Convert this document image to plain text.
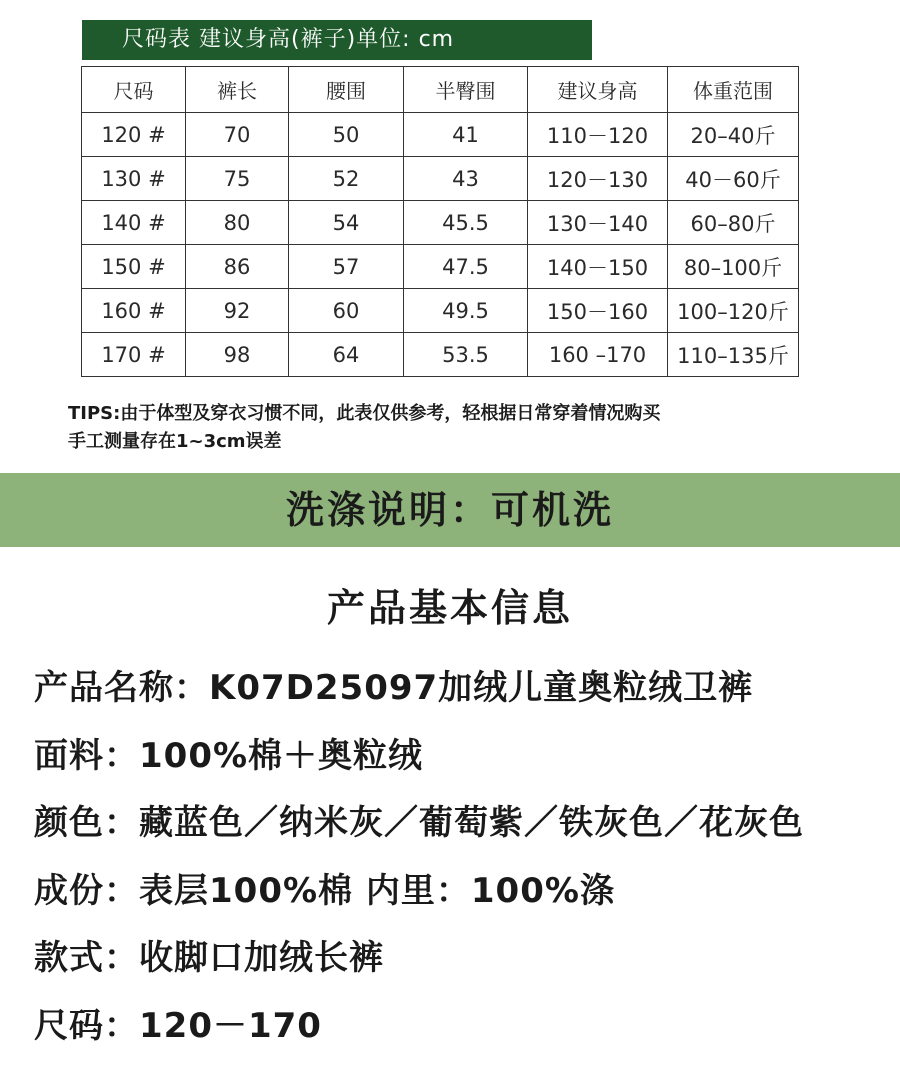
尺码表 建议身高(裤子)单位: cm
尺码	裤长	腰围	半臀围	建议身高	体重范围
120 #	70	50	41	110－120	20–40斤
130 #	75	52	43	120－130	40－60斤
140 #	80	54	45.5	130－140	60–80斤
150 #	86	57	47.5	140－150	80–100斤
160 #	92	60	49.5	150－160	100–120斤
170 #	98	64	53.5	160 –170	110–135斤
TIPS:由于体型及穿衣习惯不同，此表仅供参考，轻根据日常穿着情况购买
手工测量存在1~3cm误差
洗涤说明：可机洗
产品基本信息
产品名称：K07D25097加绒儿童奥粒绒卫裤
面料：100%棉＋奥粒绒
颜色：藏蓝色／纳米灰／葡萄紫／铁灰色／花灰色
成份：表层100%棉 内里：100%涤
款式：收脚口加绒长裤
尺码：120－170
